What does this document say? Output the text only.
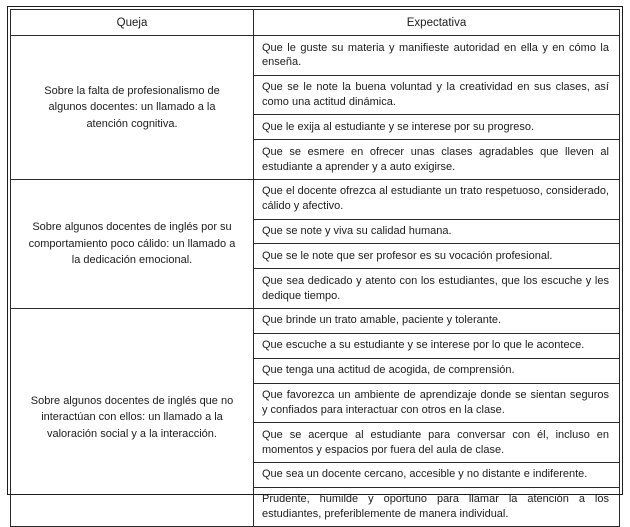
Queja	Expectativa
Sobre la falta de profesionalismo de algunos docentes: un llamado a la atención cognitiva.	Que le guste su materia y manifieste autoridad en ella y en cómo la enseña.
	Que se le note la buena voluntad y la creatividad en sus clases, así como una actitud dinámica.
	Que le exija al estudiante y se interese por su progreso.
	Que se esmere en ofrecer unas clases agradables que lleven al estudiante a aprender y a auto exigirse.
Sobre algunos docentes de inglés por su comportamiento poco cálido: un llamado a la dedicación emocional.	Que el docente ofrezca al estudiante un trato respetuoso, considerado, cálido y afectivo.
	Que se note y viva su calidad humana.
	Que se le note que ser profesor es su vocación profesional.
	Que sea dedicado y atento con los estudiantes, que los escuche y les dedique tiempo.
Sobre algunos docentes de inglés que no interactúan con ellos: un llamado a la valoración social y a la interacción.	Que brinde un trato amable, paciente y tolerante.
	Que escuche a su estudiante y se interese por lo que le acontece.
	Que tenga una actitud de acogida, de comprensión.
	Que favorezca un ambiente de aprendizaje donde se sientan seguros y confiados para interactuar con otros en la clase.
	Que se acerque al estudiante para conversar con él, incluso en momentos y espacios por fuera del aula de clase.
	Que sea un docente cercano, accesible y no distante e indiferente.
	Prudente, humilde y oportuno para llamar la atención a los estudiantes, preferiblemente de manera individual.
